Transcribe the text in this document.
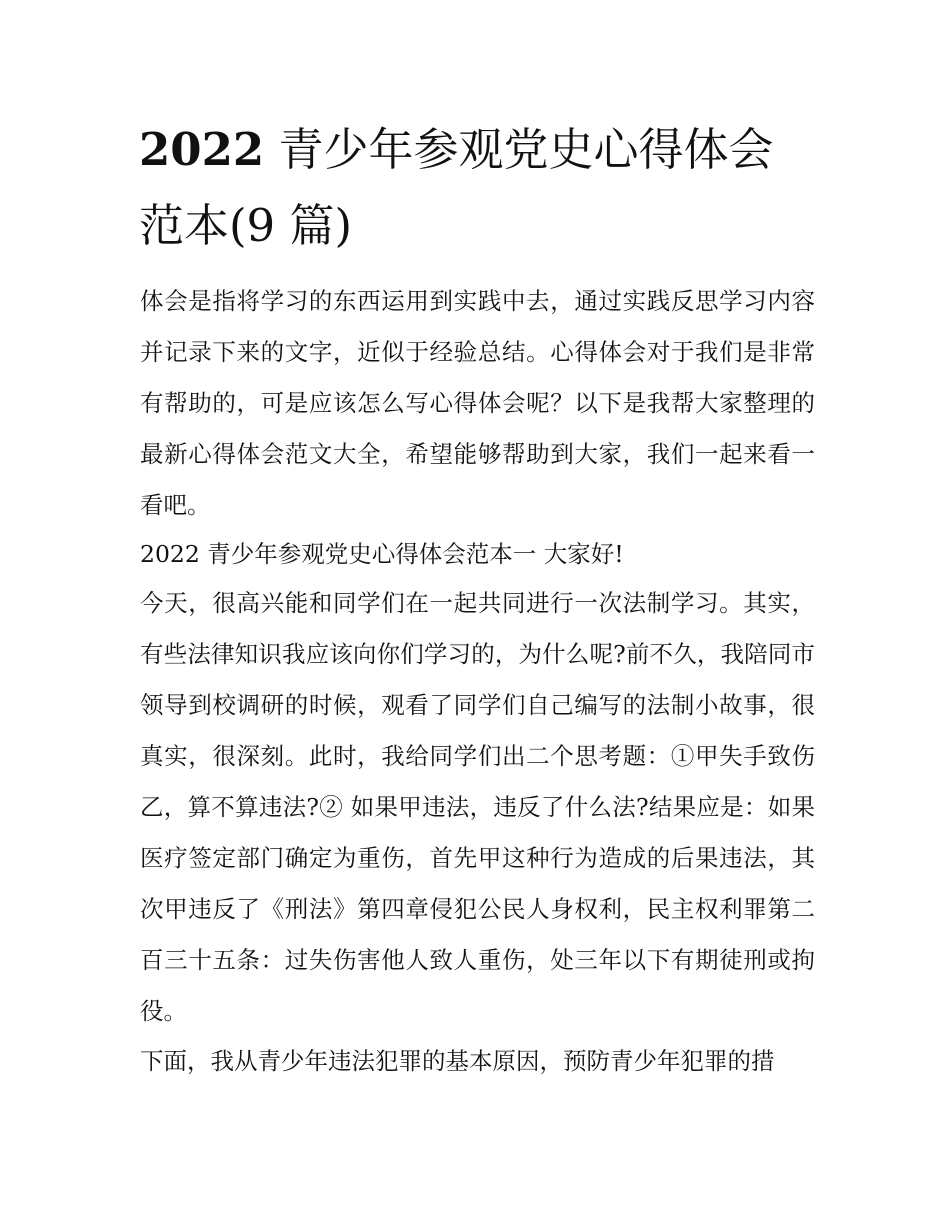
2022 青少年参观党史心得体会范本(9 篇)

体会是指将学习的东西运用到实践中去，通过实践反思学习内容并记录下来的文字，近似于经验总结。心得体会对于我们是非常有帮助的，可是应该怎么写心得体会呢？以下是我帮大家整理的最新心得体会范文大全，希望能够帮助到大家，我们一起来看一看吧。

2022 青少年参观党史心得体会范本一 大家好!

今天，很高兴能和同学们在一起共同进行一次法制学习。其实，有些法律知识我应该向你们学习的，为什么呢?前不久，我陪同市领导到校调研的时候，观看了同学们自己编写的法制小故事，很真实，很深刻。此时，我给同学们出二个思考题：①甲失手致伤乙，算不算违法?② 如果甲违法，违反了什么法?结果应是：如果医疗签定部门确定为重伤，首先甲这种行为造成的后果违法，其次甲违反了《刑法》第四章侵犯公民人身权利，民主权利罪第二百三十五条：过失伤害他人致人重伤，处三年以下有期徒刑或拘役。

下面，我从青少年违法犯罪的基本原因，预防青少年犯罪的措
